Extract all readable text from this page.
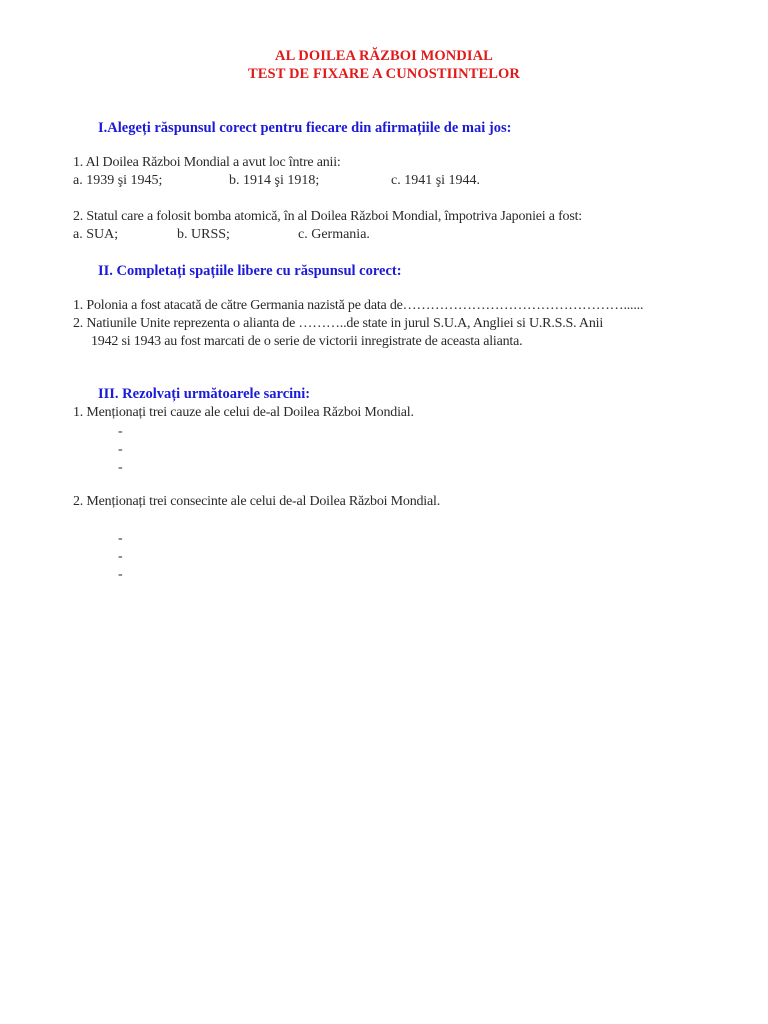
AL DOILEA RĂZBOI MONDIAL
TEST DE FIXARE A CUNOSTIINTELOR
I.Alegeți răspunsul corect pentru fiecare din afirmațiile de mai jos:
1. Al Doilea Război Mondial a avut loc între anii:
a. 1939 şi 1945;	b. 1914 şi 1918;	c. 1941 şi 1944.
2. Statul care a folosit bomba atomică, în al Doilea Război Mondial, împotriva Japoniei a fost:
a. SUA;	b. URSS;	c. Germania.
II. Completați spațiile libere cu răspunsul corect:
1. Polonia a fost atacată de către Germania nazistă pe data de…………………………………………......
2. Natiunile Unite reprezenta o alianta de ………..de state in jurul S.U.A, Angliei si U.R.S.S. Anii
1942 si 1943 au fost marcati de o serie de victorii inregistrate de aceasta alianta.
III. Rezolvați următoarele sarcini:
1. Menționați trei cauze ale celui de-al Doilea Război Mondial.
-
-
-
2. Menționați trei consecinte ale celui de-al Doilea Război Mondial.
-
-
-
